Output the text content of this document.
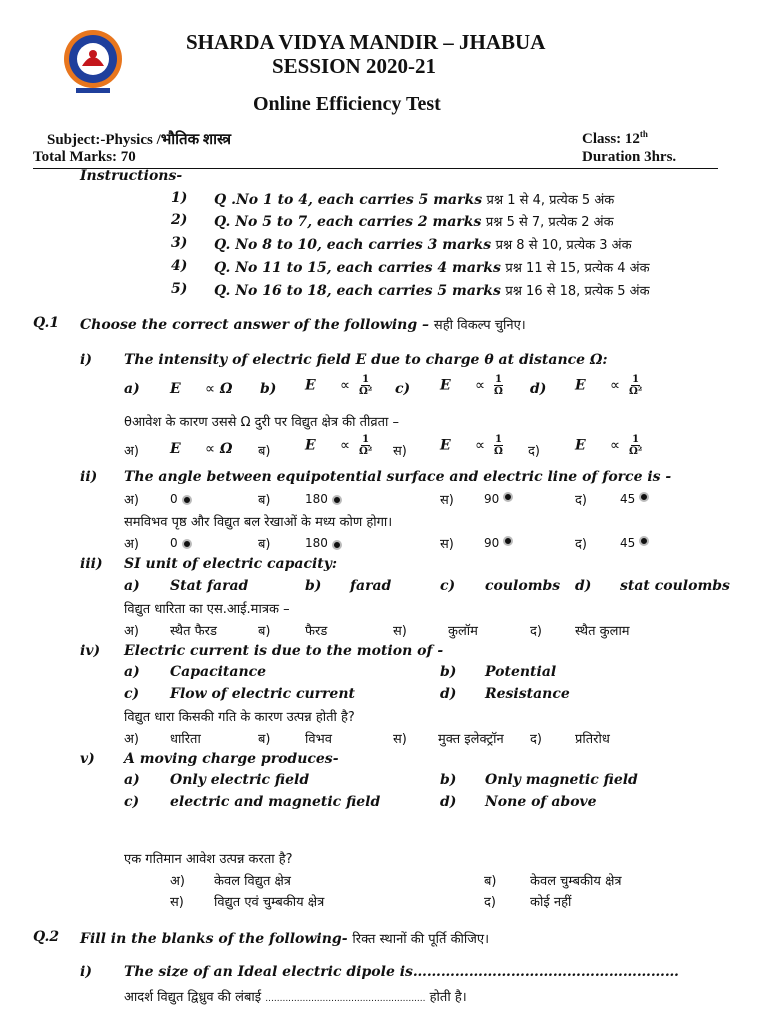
SHARDA VIDYA MANDIR – JHABUA
SESSION 2020-21
Online Efficiency Test
Subject:-Physics /भौतिक शास्त्र	Class: 12th
Total Marks: 70	Duration 3hrs.
Instructions-
1) Q .No 1 to 4, each carries 5 marks प्रश्न 1 से 4, प्रत्येक 5 अंक
2) Q. No 5 to 7, each carries 2 marks प्रश्न 5 से 7, प्रत्येक 2 अंक
3) Q. No 8 to 10, each carries 3 marks प्रश्न 8 से 10, प्रत्येक 3 अंक
4) Q. No 11 to 15, each carries 4 marks प्रश्न 11 से 15, प्रत्येक 4 अंक
5) Q. No 16 to 18, each carries 5 marks प्रश्न 16 से 18, प्रत्येक 5 अंक
Q.1 Choose the correct answer of the following – सही विकल्प चुनिए।
i) The intensity of electric field E due to charge θ at distance Ω:
a) E ∝ Ω b) $E \propto \frac{1}{\text{Ω²}} c$) $E \propto \frac{1}{\Omega} d$) $E \propto \frac{1}{\text{Ω²}}$
θआवेश के कारण उससे Ω दुरी पर विद्युत क्षेत्र की तीव्रता –
अ) E ∝ Ω ब) $E \propto \frac{1}{\text{Ω²}}$ स) $E \propto \frac{1}{\Omega}$ द)	$E \propto \frac{1}{\text{Ω²}}$
ii) The angle between equipotential surface and electric line of force is -
अ)	0	ब)	180	स)	90	द)	45
समविभव पृष्ठ और विद्युत बल रेखाओं के मध्य कोण होगा।
अ)	0	ब)	180	स)	90	द)	45
iii) SI unit of electric capacity:
a) Stat farad	b) farad	c) coulombs d) stat coulombs
विद्युत धारिता का एस.आई.मात्रक –
अ) स्थैत फैरड	ब)	फैरड	स)	कुलॉम	द)	स्थैत कुलाम
iv) Electric current is due to the motion of -
a) Capacitance	b) Potential
c) Flow of electric current	d) Resistance
विद्युत धारा किसकी गति के कारण उत्पन्न होती है?
अ) धारिता	ब)	विभव	स) मुक्त इलेक्ट्रॉन द)	प्रतिरोध
v) A moving charge produces-
a) Only electric field	b) Only magnetic field
c) electric and magnetic field	d) None of above
एक गतिमान आवेश उत्पन्न करता है?
अ) केवल विद्युत क्षेत्र	ब)	केवल चुम्बकीय क्षेत्र
स) विद्युत एवं चुम्बकीय क्षेत्र	द)	कोई नहीं
Q.2 Fill in the blanks of the following- रिक्त स्थानों की पूर्ति कीजिए।
i) The size of an Ideal electric dipole is…………………………………………………
आदर्श विद्युत द्विध्रुव की लंबाई ........................................................ होती है।
